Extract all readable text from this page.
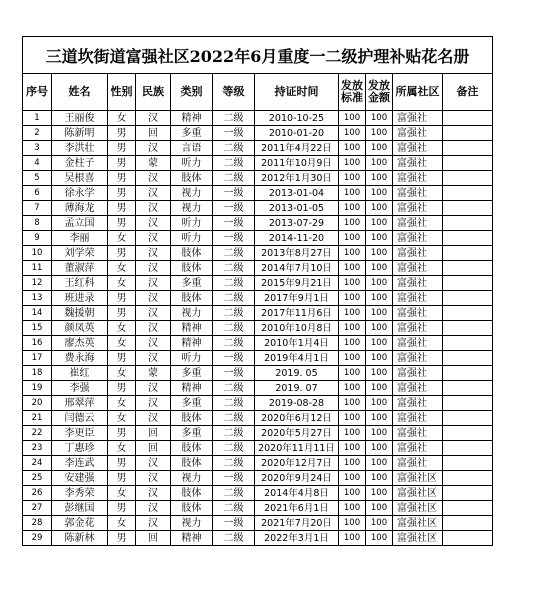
三道坎街道富强社区2022年6月重度一二级护理补贴花名册										
序号	姓名	性别	民族	类别	等级	持证时间	发放标准	发放金额	所属社区	备注
1	王丽俊	女	汉	精神	二级	2010-10-25	100	100	富强社	
2	陈新明	男	回	多重	一级	2010-01-20	100	100	富强社	
3	李洪壮	男	汉	言语	二级	2011年4月22日	100	100	富强社	
4	金柱子	男	蒙	听力	二级	2011年10月9日	100	100	富强社	
5	吴根喜	男	汉	肢体	二级	2012年1月30日	100	100	富强社	
6	徐永学	男	汉	视力	一级	2013-01-04	100	100	富强社	
7	薄海龙	男	汉	视力	一级	2013-01-05	100	100	富强社	
8	孟立国	男	汉	听力	一级	2013-07-29	100	100	富强社	
9	李丽	女	汉	听力	一级	2014-11-20	100	100	富强社	
10	刘学荣	男	汉	肢体	二级	2013年8月27日	100	100	富强社	
11	董淑萍	女	汉	肢体	二级	2014年7月10日	100	100	富强社	
12	王红科	女	汉	多重	二级	2015年9月21日	100	100	富强社	
13	班进录	男	汉	肢体	二级	2017年9月1日	100	100	富强社	
14	魏援朝	男	汉	视力	二级	2017年11月6日	100	100	富强社	
15	颜凤英	女	汉	精神	二级	2010年10月8日	100	100	富强社	
16	廖杰英	女	汉	精神	二级	2010年1月4日	100	100	富强社	
17	费永海	男	汉	听力	一级	2019年4月1日	100	100	富强社	
18	崔红	女	蒙	多重	一级	2019. 05	100	100	富强社	
19	李强	男	汉	精神	二级	2019. 07	100	100	富强社	
20	邢翠萍	女	汉	多重	二级	2019-08-28	100	100	富强社	
21	闫德云	女	汉	肢体	二级	2020年6月12日	100	100	富强社	
22	李更臣	男	回	多重	二级	2020年5月27日	100	100	富强社	
23	丁惠珍	女	回	肢体	二级	2020年11月11日	100	100	富强社	
24	李连武	男	汉	肢体	二级	2020年12月7日	100	100	富强社	
25	安建强	男	汉	视力	一级	2020年9月24日	100	100	富强社区	
26	李秀荣	女	汉	肢体	二级	2014年4月8日	100	100	富强社区	
27	彭继国	男	汉	肢体	二级	2021年6月1日	100	100	富强社区	
28	郭金花	女	汉	视力	一级	2021年7月20日	100	100	富强社区	
29	陈新林	男	回	精神	二级	2022年3月1日	100	100	富强社区	
